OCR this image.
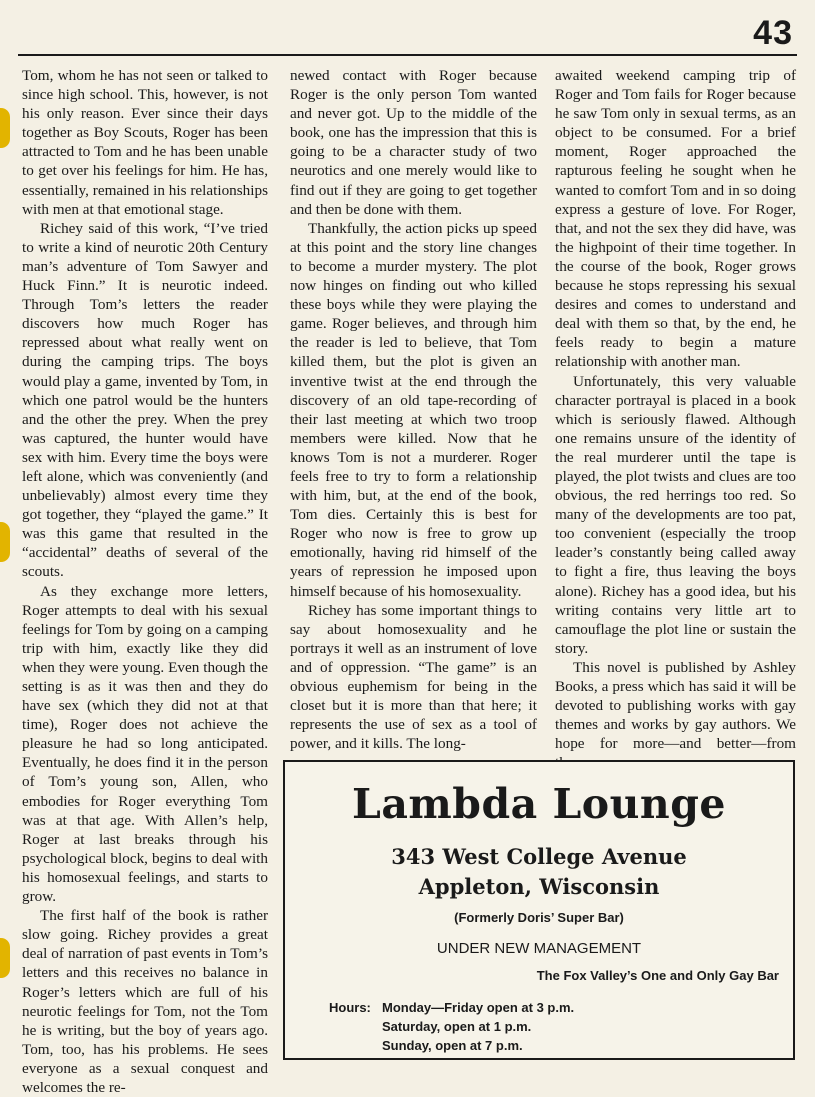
43

Tom, whom he has not seen or talked to since high school. This, however, is not his only reason. Ever since their days together as Boy Scouts, Roger has been attracted to Tom and he has been unable to get over his feelings for him. He has, essentially, remained in his relationships with men at that emotional stage.

Richey said of this work, “I’ve tried to write a kind of neurotic 20th Century man’s adventure of Tom Sawyer and Huck Finn.” It is neurotic indeed. Through Tom’s letters the reader discovers how much Roger has repressed about what really went on during the camping trips. The boys would play a game, invented by Tom, in which one patrol would be the hunters and the other the prey. When the prey was captured, the hunter would have sex with him. Every time the boys were left alone, which was conveniently (and unbelievably) almost every time they got together, they “played the game.” It was this game that resulted in the “accidental” deaths of several of the scouts.

As they exchange more letters, Roger attempts to deal with his sexual feelings for Tom by going on a camping trip with him, exactly like they did when they were young. Even though the setting is as it was then and they do have sex (which they did not at that time), Roger does not achieve the pleasure he had so long anticipated. Eventually, he does find it in the person of Tom’s young son, Allen, who embodies for Roger everything Tom was at that age. With Allen’s help, Roger at last breaks through his psychological block, begins to deal with his homosexual feelings, and starts to grow.

The first half of the book is rather slow going. Richey provides a great deal of narration of past events in Tom’s letters and this receives no balance in Roger’s letters which are full of his neurotic feelings for Tom, not the Tom he is writing, but the boy of years ago. Tom, too, has his problems. He sees everyone as a sexual conquest and welcomes the re-

newed contact with Roger because Roger is the only person Tom wanted and never got. Up to the middle of the book, one has the impression that this is going to be a character study of two neurotics and one merely would like to find out if they are going to get together and then be done with them.

Thankfully, the action picks up speed at this point and the story line changes to become a murder mystery. The plot now hinges on finding out who killed these boys while they were playing the game. Roger believes, and through him the reader is led to believe, that Tom killed them, but the plot is given an inventive twist at the end through the discovery of an old tape-recording of their last meeting at which two troop members were killed. Now that he knows Tom is not a murderer. Roger feels free to try to form a relationship with him, but, at the end of the book, Tom dies. Certainly this is best for Roger who now is free to grow up emotionally, having rid himself of the years of repression he imposed upon himself because of his homosexuality.

Richey has some important things to say about homosexuality and he portrays it well as an instrument of love and of oppression. “The game” is an obvious euphemism for being in the closet but it is more than that here; it represents the use of sex as a tool of power, and it kills. The long-

awaited weekend camping trip of Roger and Tom fails for Roger because he saw Tom only in sexual terms, as an object to be consumed. For a brief moment, Roger approached the rapturous feeling he sought when he wanted to comfort Tom and in so doing express a gesture of love. For Roger, that, and not the sex they did have, was the highpoint of their time together. In the course of the book, Roger grows because he stops repressing his sexual desires and comes to understand and deal with them so that, by the end, he feels ready to begin a mature relationship with another man.

Unfortunately, this very valuable character portrayal is placed in a book which is seriously flawed. Although one remains unsure of the identity of the real murderer until the tape is played, the plot twists and clues are too obvious, the red herrings too red. So many of the developments are too pat, too convenient (especially the troop leader’s constantly being called away to fight a fire, thus leaving the boys alone). Richey has a good idea, but his writing contains very little art to camouflage the plot line or sustain the story.

This novel is published by Ashley Books, a press which has said it will be devoted to publishing works with gay themes and works by gay authors. We hope for more—and better—from

Lambda Lounge
343 West College Avenue
Appleton, Wisconsin
(Formerly Doris’ Super Bar)
UNDER NEW MANAGEMENT
The Fox Valley’s One and Only Gay Bar
Hours: Monday—Friday open at 3 p.m.
Saturday, open at 1 p.m.
Sunday, open at 7 p.m.
